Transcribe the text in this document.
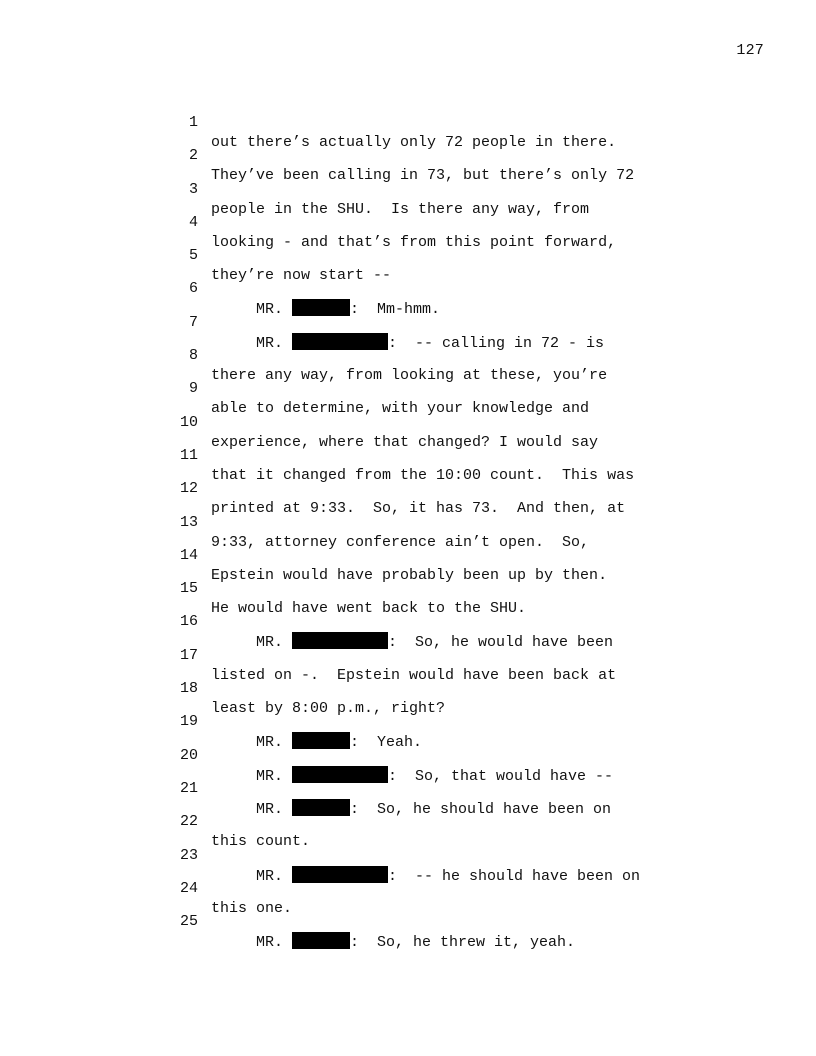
127

1

out there’s actually only 72 people in there.

2

They’ve been calling in 73, but there’s only 72

3

people in the SHU.  Is there any way, from

4

looking - and that’s from this point forward,

5

they’re now start --

6

MR.	:  Mm-hmm.

7

MR.	:  -- calling in 72 - is

8

there any way, from looking at these, you’re

9

able to determine, with your knowledge and

10

experience, where that changed? I would say

11

that it changed from the 10:00 count.  This was

12

printed at 9:33.  So, it has 73.  And then, at

13

9:33, attorney conference ain’t open.  So,

14

Epstein would have probably been up by then.

15

He would have went back to the SHU.

16

MR.	:  So, he would have been

17

listed on -.  Epstein would have been back at

18

least by 8:00 p.m., right?

19

MR.	:  Yeah.

20

MR.	:  So, that would have --

21

MR.	:  So, he should have been on

22

this count.

23

MR.	:  -- he should have been on

24

this one.

25

MR.	:  So, he threw it, yeah.
